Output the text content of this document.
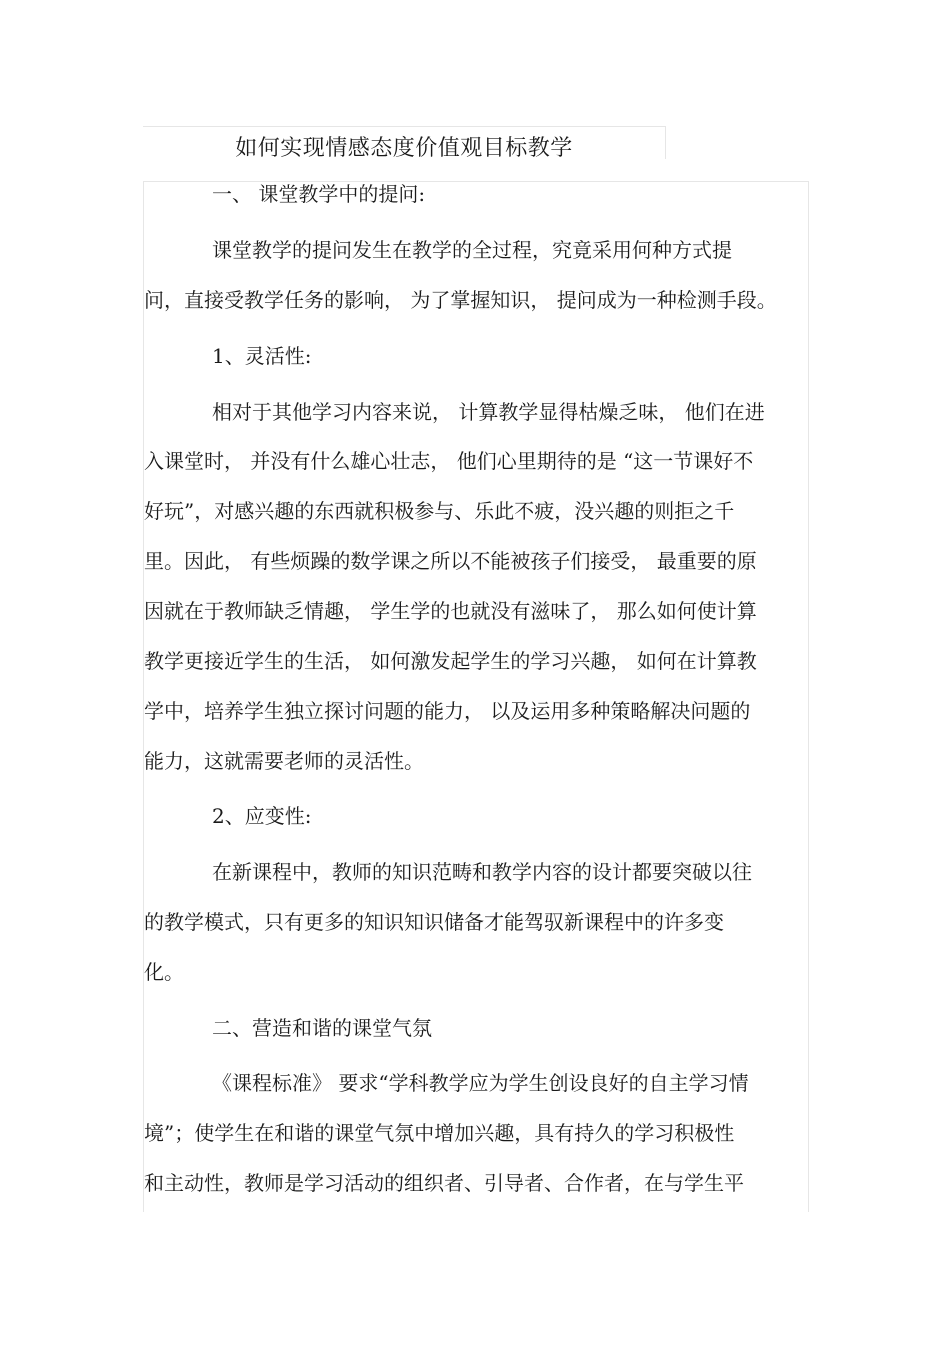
如何实现情感态度价值观目标教学
一、 课堂教学中的提问:
课堂教学的提问发生在教学的全过程，究竟采用何种方式提
问，直接受教学任务的影响， 为了掌握知识， 提问成为一种检测手段。
1、灵活性:
相对于其他学习内容来说， 计算教学显得枯燥乏味， 他们在进
入课堂时， 并没有什么雄心壮志， 他们心里期待的是 “这一节课好不
好玩”，对感兴趣的东西就积极参与、乐此不疲，没兴趣的则拒之千
里。因此， 有些烦躁的数学课之所以不能被孩子们接受， 最重要的原
因就在于教师缺乏情趣， 学生学的也就没有滋味了， 那么如何使计算
教学更接近学生的生活， 如何激发起学生的学习兴趣， 如何在计算教
学中，培养学生独立探讨问题的能力， 以及运用多种策略解决问题的
能力，这就需要老师的灵活性。
2、应变性:
在新课程中，教师的知识范畴和教学内容的设计都要突破以往
的教学模式，只有更多的知识知识储备才能驾驭新课程中的许多变
化。
二、营造和谐的课堂气氛
《课程标准》 要求“学科教学应为学生创设良好的自主学习情
境”；使学生在和谐的课堂气氛中增加兴趣，具有持久的学习积极性
和主动性，教师是学习活动的组织者、引导者、合作者，在与学生平
